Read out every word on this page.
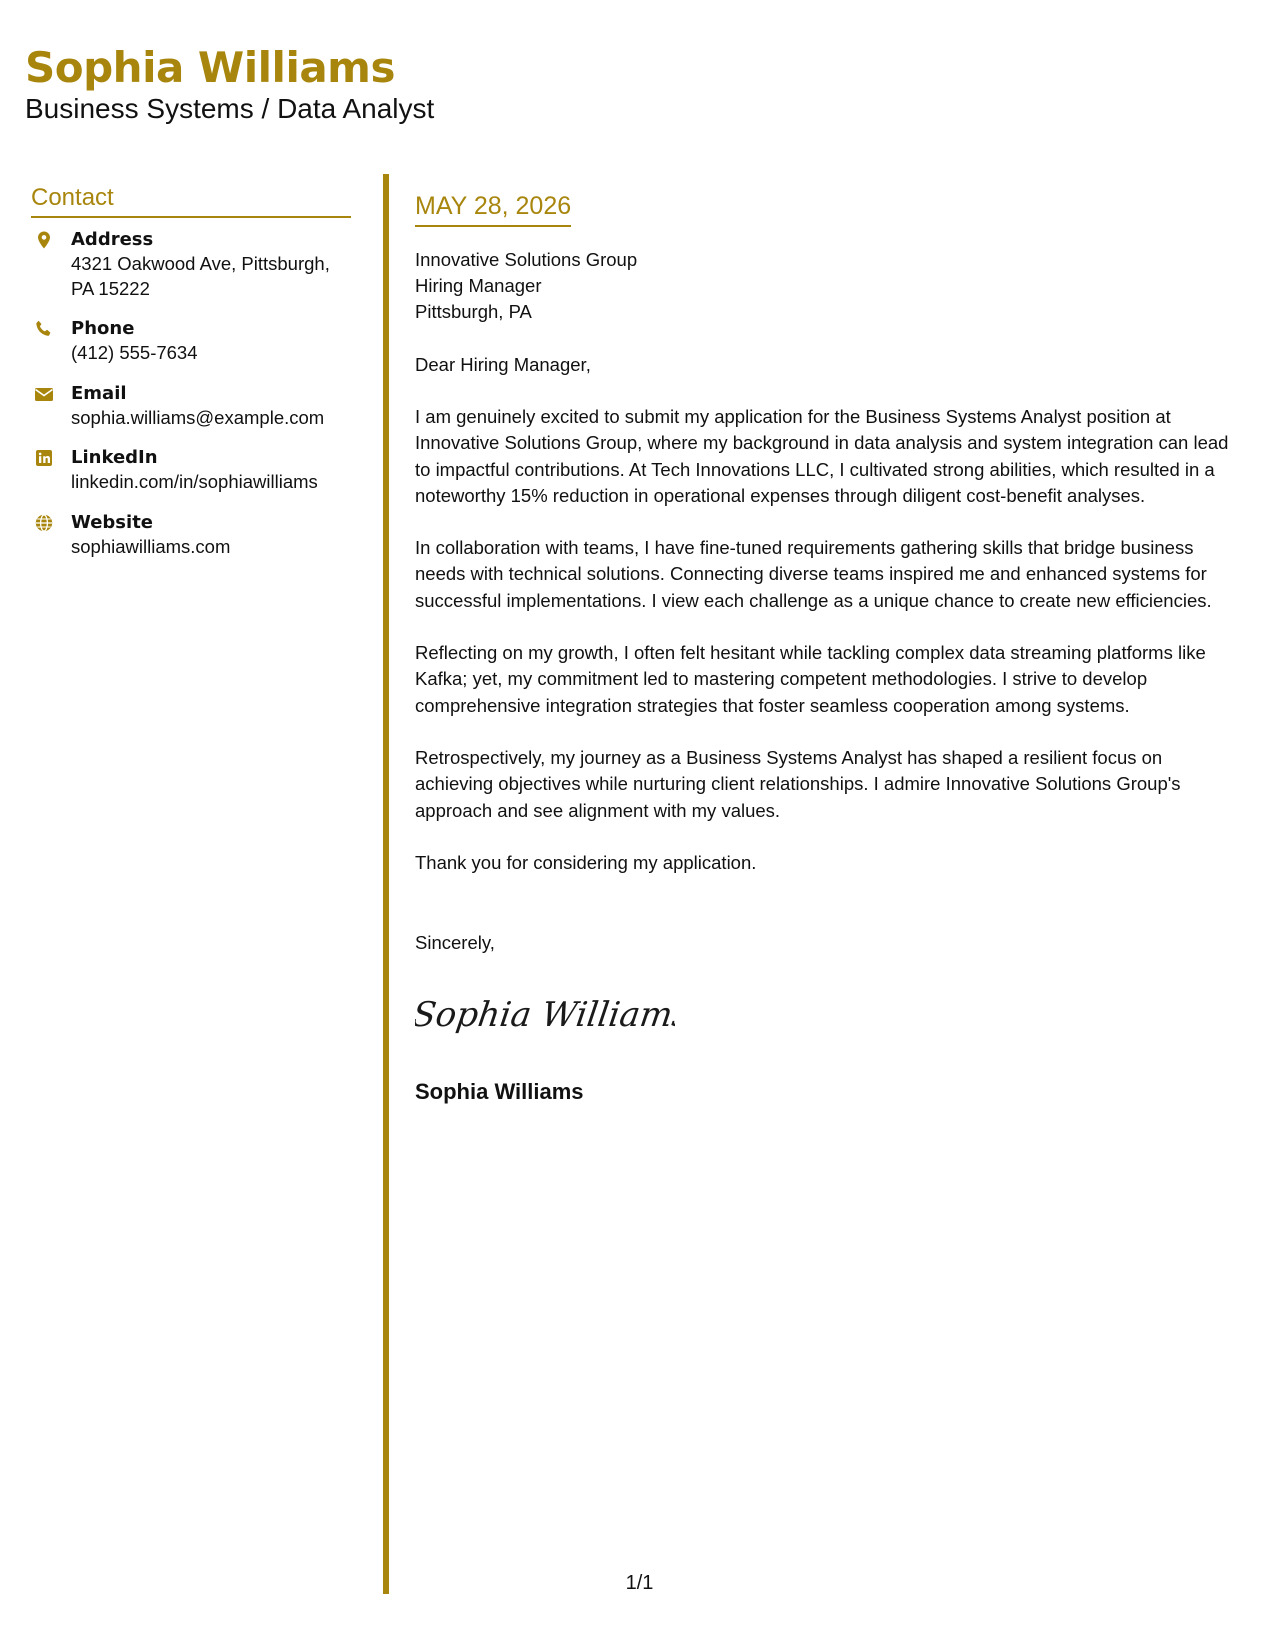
Sophia Williams
Business Systems / Data Analyst
Contact
Address
4321 Oakwood Ave, Pittsburgh, PA 15222
Phone
(412) 555-7634
Email
sophia.williams@example.com
LinkedIn
linkedin.com/in/sophiawilliams
Website
sophiawilliams.com
MAY 28, 2026
Innovative Solutions Group
Hiring Manager
Pittsburgh, PA
Dear Hiring Manager,
I am genuinely excited to submit my application for the Business Systems Analyst position at Innovative Solutions Group, where my background in data analysis and system integration can lead to impactful contributions. At Tech Innovations LLC, I cultivated strong abilities, which resulted in a noteworthy 15% reduction in operational expenses through diligent cost-benefit analyses.
In collaboration with teams, I have fine-tuned requirements gathering skills that bridge business needs with technical solutions. Connecting diverse teams inspired me and enhanced systems for successful implementations. I view each challenge as a unique chance to create new efficiencies.
Reflecting on my growth, I often felt hesitant while tackling complex data streaming platforms like Kafka; yet, my commitment led to mastering competent methodologies. I strive to develop comprehensive integration strategies that foster seamless cooperation among systems.
Retrospectively, my journey as a Business Systems Analyst has shaped a resilient focus on achieving objectives while nurturing client relationships. I admire Innovative Solutions Group's approach and see alignment with my values.
Thank you for considering my application.
Sincerely,
Sophia Williams
Sophia Williams
1/1
